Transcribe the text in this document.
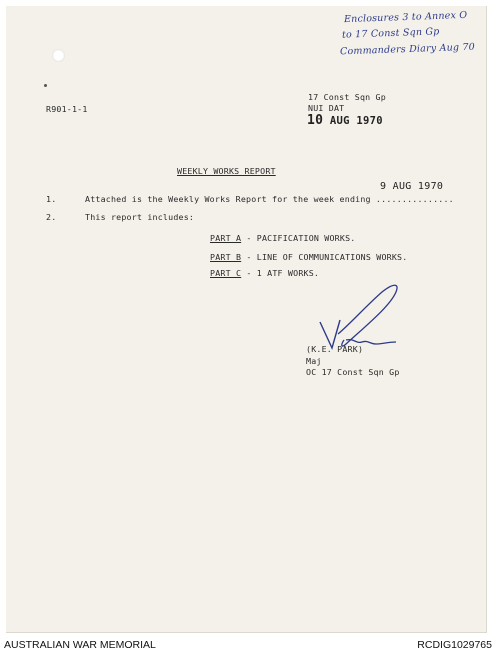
Enclosures 3 to Annex O
to 17 Const Sqn Gp
Commanders Diary Aug 70
R901-1-1
17 Const Sqn Gp
NUI DAT
10 AUG 1970
WEEKLY WORKS REPORT
9 AUG 1970
1.	Attached is the Weekly Works Report for the week ending ...............
2.	This report includes:
PART A - PACIFICATION WORKS.
PART B - LINE OF COMMUNICATIONS WORKS.
PART C - 1 ATF WORKS.
(K.E. PARK)
Maj
OC 17 Const Sqn Gp
AUSTRALIAN WAR MEMORIAL	RCDIG1029765
